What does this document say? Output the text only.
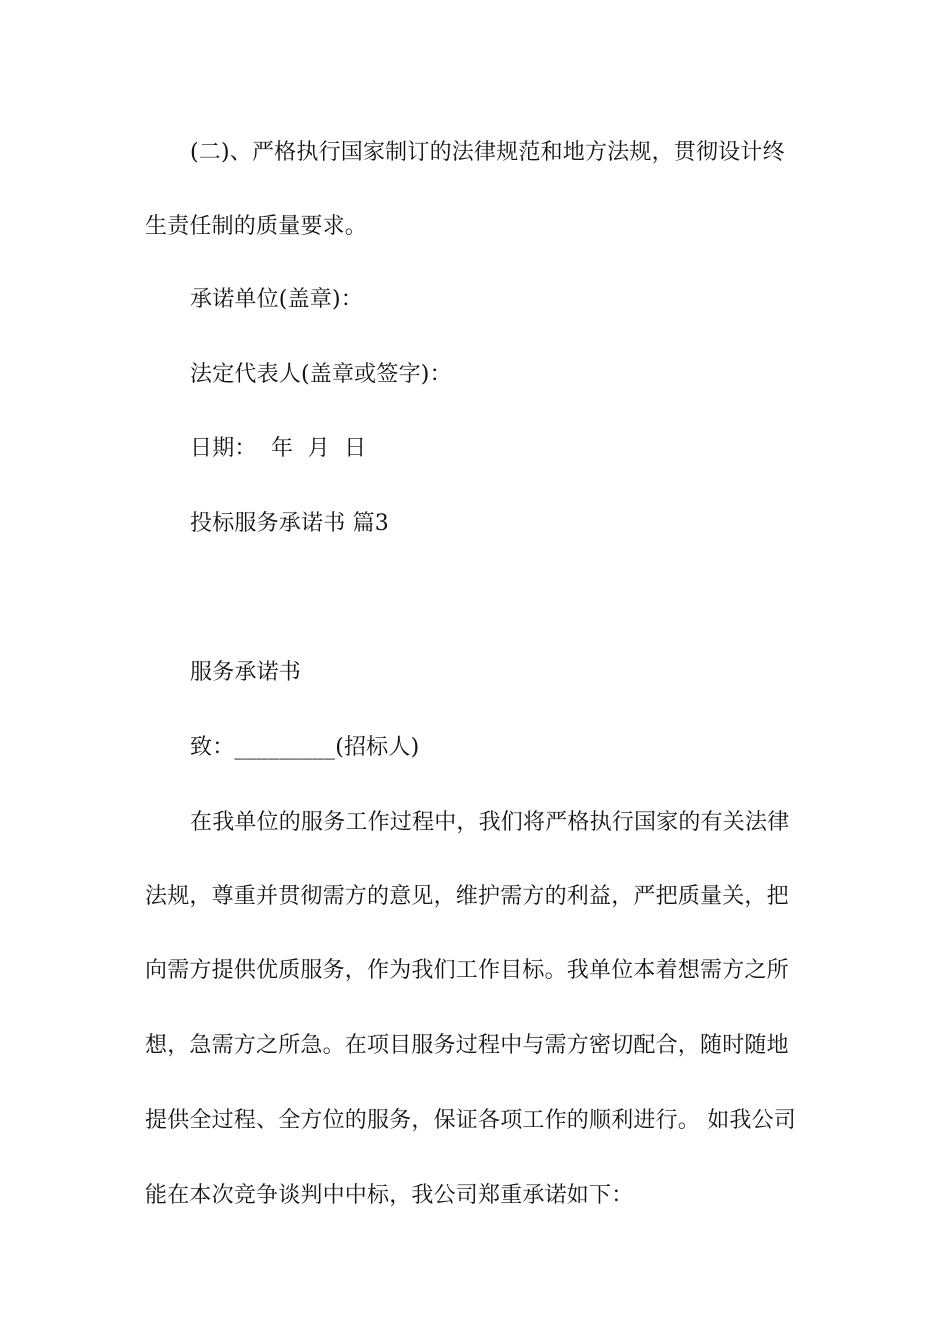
(二)、严格执行国家制订的法律规范和地方法规，贯彻设计终
生责任制的质量要求。
承诺单位(盖章)：
法定代表人(盖章或签字)：
日期：  年  月  日
投标服务承诺书 篇3
服务承诺书
致：_________(招标人)
在我单位的服务工作过程中，我们将严格执行国家的有关法律
法规，尊重并贯彻需方的意见，维护需方的利益，严把质量关，把
向需方提供优质服务，作为我们工作目标。我单位本着想需方之所
想，急需方之所急。在项目服务过程中与需方密切配合，随时随地
提供全过程、全方位的服务，保证各项工作的顺利进行。 如我公司
能在本次竞争谈判中中标，我公司郑重承诺如下：
